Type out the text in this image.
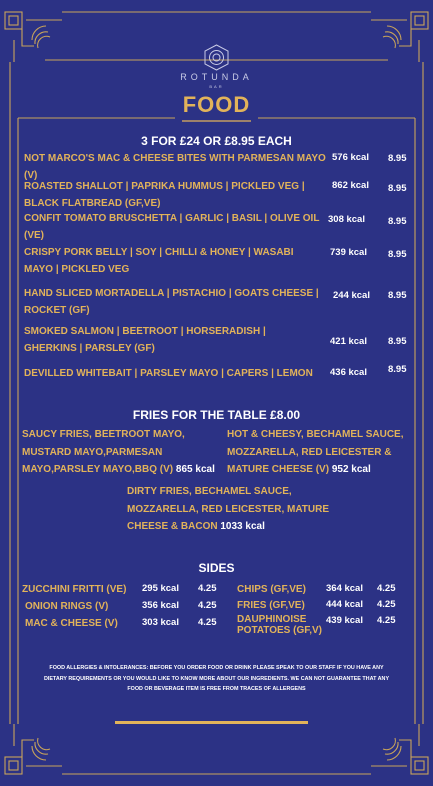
ROTUNDA
BAR
FOOD
3 FOR £24 OR £8.95 EACH
NOT MARCO'S MAC & CHEESE BITES WITH PARMESAN MAYO (V)
576 kcal 8.95
ROASTED SHALLOT | PAPRIKA HUMMUS | PICKLED VEG | BLACK FLATBREAD (GF,VE)
862 kcal 8.95
CONFIT TOMATO BRUSCHETTA | GARLIC | BASIL | OLIVE OIL (VE)
308 kcal 8.95
CRISPY PORK BELLY | SOY | CHILLI & HONEY | WASABI MAYO | PICKLED VEG
739 kcal 8.95
HAND SLICED MORTADELLA | PISTACHIO | GOATS CHEESE | ROCKET (GF)
244 kcal 8.95
SMOKED SALMON | BEETROOT | HORSERADISH | GHERKINS | PARSLEY (GF)
421 kcal 8.95
DEVILLED WHITEBAIT | PARSLEY MAYO | CAPERS | LEMON	436 kcal 8.95
FRIES FOR THE TABLE £8.00
SAUCY FRIES, BEETROOT MAYO, MUSTARD MAYO,PARMESAN MAYO,PARSLEY MAYO,BBQ (V) 865 kcal
HOT & CHEESY, BECHAMEL SAUCE, MOZZARELLA, RED LEICESTER & MATURE CHEESE (V) 952 kcal
DIRTY FRIES, BECHAMEL SAUCE, MOZZARELLA, RED LEICESTER, MATURE CHEESE & BACON 1033 kcal
SIDES
ZUCCHINI FRITTI (VE) 295 kcal 4.25
ONION RINGS (V)	356 kcal 4.25
MAC & CHEESE (V)	303 kcal 4.25
CHIPS (GF,VE) 364 kcal 4.25
FRIES (GF,VE) 444 kcal 4.25
DAUPHINOISE POTATOES (GF,V)
439 kcal 4.25
FOOD ALLERGIES & INTOLERANCES: BEFORE YOU ORDER FOOD OR DRINK PLEASE SPEAK TO OUR STAFF IF YOU HAVE ANY DIETARY REQUIREMENTS OR YOU WOULD LIKE TO KNOW MORE ABOUT OUR INGREDIENTS. WE CAN NOT GUARANTEE THAT ANY FOOD OR BEVERAGE ITEM IS FREE FROM TRACES OF ALLERGENS
